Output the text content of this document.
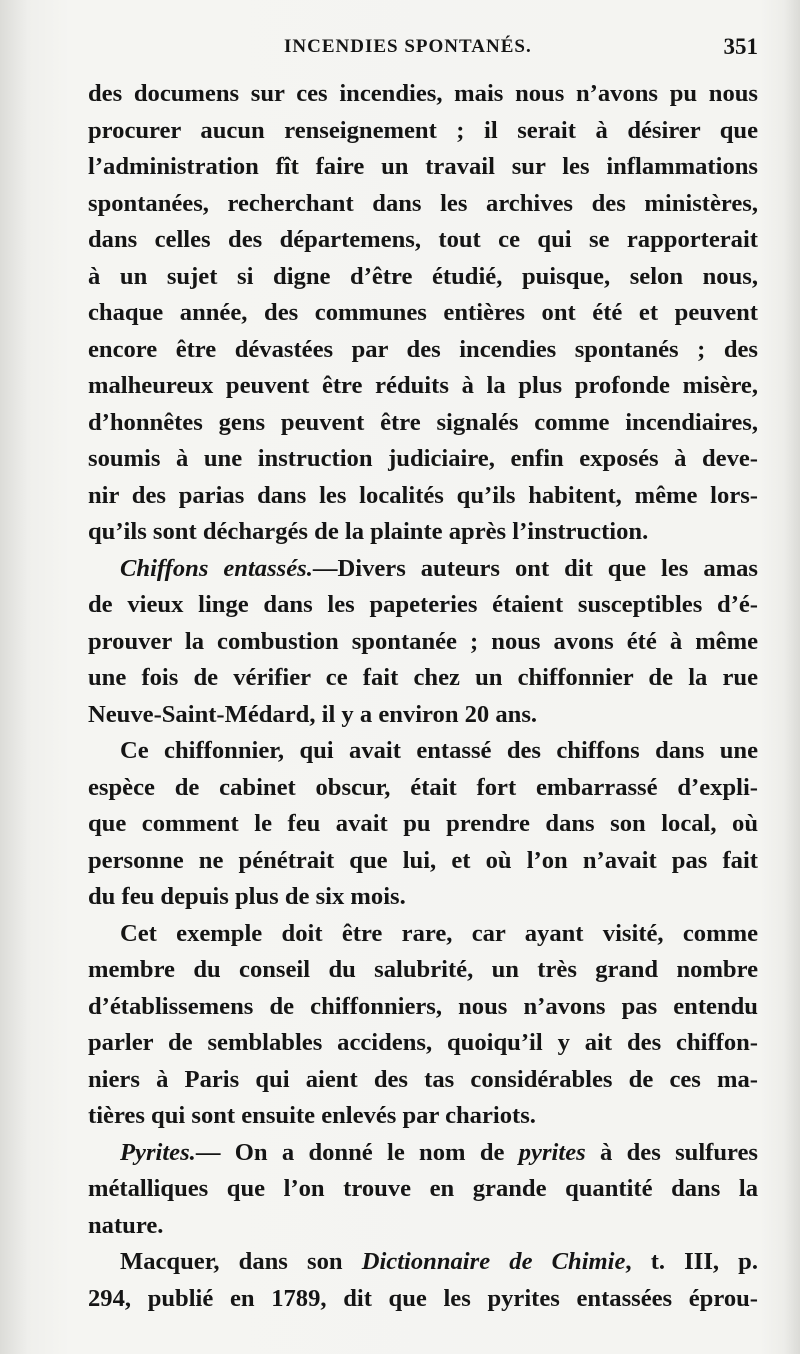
INCENDIES SPONTANÉS.	351
des documens sur ces incendies, mais nous n’avons pu nous
procurer aucun renseignement ; il serait à désirer que
l’administration fît faire un travail sur les inflammations
spontanées, recherchant dans les archives des ministères,
dans celles des départemens, tout ce qui se rapporterait
à un sujet si digne d’être étudié, puisque, selon nous,
chaque année, des communes entières ont été et peuvent
encore être dévastées par des incendies spontanés ; des
malheureux peuvent être réduits à la plus profonde misère,
d’honnêtes gens peuvent être signalés comme incendiaires,
soumis à une instruction judiciaire, enfin exposés à deve-
nir des parias dans les localités qu’ils habitent, même lors-
qu’ils sont déchargés de la plainte après l’instruction.
Chiffons entassés.—Divers auteurs ont dit que les amas
de vieux linge dans les papeteries étaient susceptibles d’é-
prouver la combustion spontanée ; nous avons été à même
une fois de vérifier ce fait chez un chiffonnier de la rue
Neuve-Saint-Médard, il y a environ 20 ans.
Ce chiffonnier, qui avait entassé des chiffons dans une
espèce de cabinet obscur, était fort embarrassé d’expli-
que comment le feu avait pu prendre dans son local, où
personne ne pénétrait que lui, et où l’on n’avait pas fait
du feu depuis plus de six mois.
Cet exemple doit être rare, car ayant visité, comme
membre du conseil du salubrité, un très grand nombre
d’établissemens de chiffonniers, nous n’avons pas entendu
parler de semblables accidens, quoiqu’il y ait des chiffon-
niers à Paris qui aient des tas considérables de ces ma-
tières qui sont ensuite enlevés par chariots.
Pyrites.— On a donné le nom de pyrites à des sulfures
métalliques que l’on trouve en grande quantité dans la
nature.
Macquer, dans son Dictionnaire de Chimie, t. III, p.
294, publié en 1789, dit que les pyrites entassées éprou-
